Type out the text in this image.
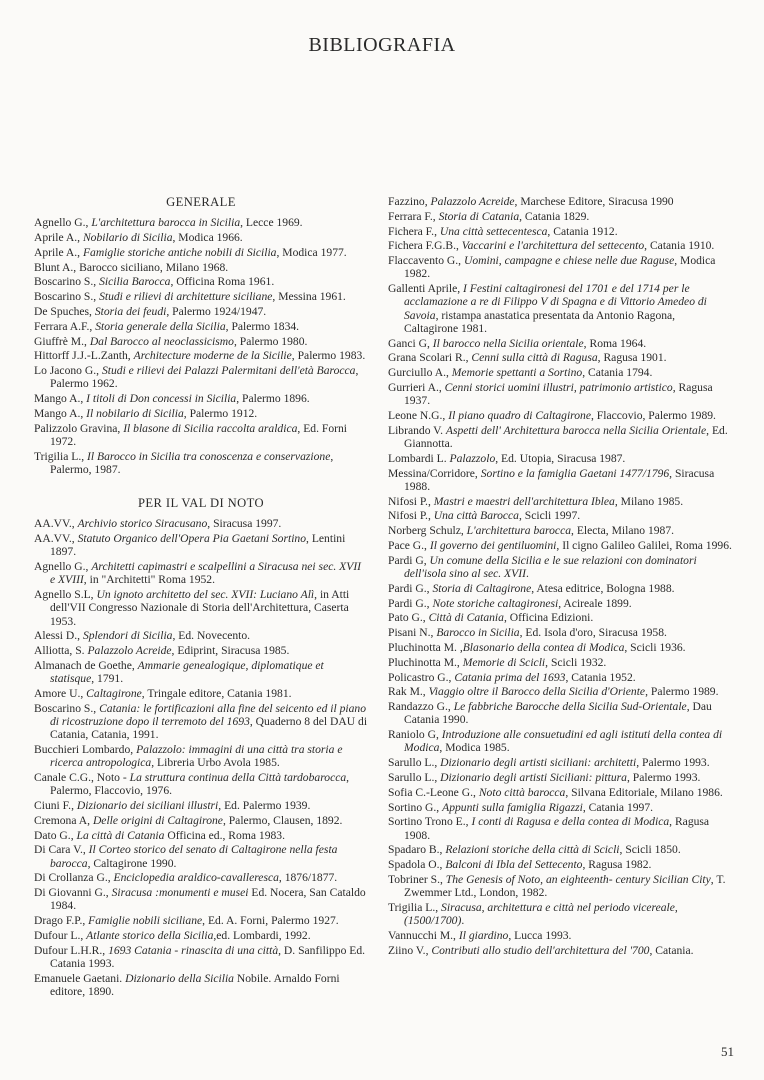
BIBLIOGRAFIA
GENERALE
Agnello G., L'architettura barocca in Sicilia, Lecce 1969.
Aprile A., Nobilario di Sicilia, Modica 1966.
Aprile A., Famiglie storiche antiche nobili di Sicilia, Modica 1977.
Blunt A., Barocco siciliano, Milano 1968.
Boscarino S., Sicilia Barocca, Officina Roma 1961.
Boscarino S., Studi e rilievi di architetture siciliane, Messina 1961.
De Spuches, Storia dei feudi, Palermo 1924/1947.
Ferrara A.F., Storia generale della Sicilia, Palermo 1834.
Giuffrè M., Dal Barocco al neoclassicismo, Palermo 1980.
Hittorff J.J.-L.Zanth, Architecture moderne de la Sicilie, Palermo 1983.
Lo Jacono G., Studi e rilievi dei Palazzi Palermitani dell'età Barocca, Palermo 1962.
Mango A., I titoli di Don concessi in Sicilia, Palermo 1896.
Mango A., Il nobilario di Sicilia, Palermo 1912.
Palizzolo Gravina, Il blasone di Sicilia raccolta araldica, Ed. Forni 1972.
Trigilia L., Il Barocco in Sicilia tra conoscenza e conservazione, Palermo, 1987.
PER IL VAL DI NOTO
AA.VV., Archivio storico Siracusano, Siracusa 1997.
AA.VV., Statuto Organico dell'Opera Pia Gaetani Sortino, Lentini 1897.
Agnello G., Architetti capimastri e scalpellini a Siracusa nei sec. XVII e XVIII, in "Architetti" Roma 1952.
Agnello S.L, Un ignoto architetto del sec. XVII: Luciano Alì, in Atti dell'VII Congresso Nazionale di Storia dell'Architettura, Caserta 1953.
Alessi D., Splendori di Sicilia, Ed. Novecento.
Alliotta, S. Palazzolo Acreide, Ediprint, Siracusa 1985.
Almanach de Goethe, Ammarie genealogique, diplomatique et statisque, 1791.
Amore U., Caltagirone, Tringale editore, Catania 1981.
Boscarino S., Catania: le fortificazioni alla fine del seicento ed il piano di ricostruzione dopo il terremoto del 1693, Quaderno 8 del DAU di Catania, Catania, 1991.
Bucchieri Lombardo, Palazzolo: immagini di una città tra storia e ricerca antropologica, Libreria Urbo Avola 1985.
Canale C.G., Noto - La struttura continua della Città tardobarocca, Palermo, Flaccovio, 1976.
Ciuni F., Dizionario dei siciliani illustri, Ed. Palermo 1939.
Cremona A, Delle origini di Caltagirone, Palermo, Clausen, 1892.
Dato G., La città di Catania Officina ed., Roma 1983.
Di Cara V., Il Corteo storico del senato di Caltagirone nella festa barocca, Caltagirone 1990.
Di Crollanza G., Enciclopedia araldico-cavalleresca, 1876/1877.
Di Giovanni G., Siracusa :monumenti e musei Ed. Nocera, San Cataldo 1984.
Drago F.P., Famiglie nobili siciliane, Ed. A. Forni, Palermo 1927.
Dufour L., Atlante storico della Sicilia,ed. Lombardi, 1992.
Dufour L.H.R., 1693 Catania - rinascita di una città, D. Sanfilippo Ed. Catania 1993.
Emanuele Gaetani. Dizionario della Sicilia Nobile. Arnaldo Forni editore, 1890.
Fazzino, Palazzolo Acreide, Marchese Editore, Siracusa 1990
Ferrara F., Storia di Catania, Catania 1829.
Fichera F., Una città settecentesca, Catania 1912.
Fichera F.G.B., Vaccarini e l'architettura del settecento, Catania 1910.
Flaccavento G., Uomini, campagne e chiese nelle due Raguse, Modica 1982.
Gallenti Aprile, I Festini caltagironesi del 1701 e del 1714 per le acclamazione a re di Filippo V di Spagna e di Vittorio Amedeo di Savoia, ristampa anastatica presentata da Antonio Ragona, Caltagirone 1981.
Ganci G, Il barocco nella Sicilia orientale, Roma 1964.
Grana Scolari R., Cenni sulla città di Ragusa, Ragusa 1901.
Gurciullo A., Memorie spettanti a Sortino, Catania 1794.
Gurrieri A., Cenni storici uomini illustri, patrimonio artistico, Ragusa 1937.
Leone N.G., Il piano quadro di Caltagirone, Flaccovio, Palermo 1989.
Librando V. Aspetti dell' Architettura barocca nella Sicilia Orientale, Ed. Giannotta.
Lombardi L. Palazzolo, Ed. Utopia, Siracusa 1987.
Messina/Corridore, Sortino e la famiglia Gaetani 1477/1796, Siracusa 1988.
Nifosi P., Mastri e maestri dell'architettura Iblea, Milano 1985.
Nifosi P., Una città Barocca, Scicli 1997.
Norberg Schulz, L'architettura barocca, Electa, Milano 1987.
Pace G., Il governo dei gentiluomini, Il cigno Galileo Galilei, Roma 1996.
Pardi G, Un comune della Sicilia e le sue relazioni con dominatori dell'isola sino al sec. XVII.
Pardi G., Storia di Caltagirone, Atesa editrice, Bologna 1988.
Pardi G., Note storiche caltagironesi, Acireale 1899.
Pato G., Città di Catania, Officina Edizioni.
Pisani N., Barocco in Sicilia, Ed. Isola d'oro, Siracusa 1958.
Pluchinotta M. ,Blasonario della contea di Modica, Scicli 1936.
Pluchinotta M., Memorie di Scicli, Scicli 1932.
Policastro G., Catania prima del 1693, Catania 1952.
Rak M., Viaggio oltre il Barocco della Sicilia d'Oriente, Palermo 1989.
Randazzo G., Le fabbriche Barocche della Sicilia Sud-Orientale, Dau Catania 1990.
Raniolo G, Introduzione alle consuetudini ed agli istituti della contea di Modica, Modica 1985.
Sarullo L., Dizionario degli artisti siciliani: architetti, Palermo 1993.
Sarullo L., Dizionario degli artisti Siciliani: pittura, Palermo 1993.
Sofia C.-Leone G., Noto città barocca, Silvana Editoriale, Milano 1986.
Sortino G., Appunti sulla famiglia Rigazzi, Catania 1997.
Sortino Trono E., I conti di Ragusa e della contea di Modica, Ragusa 1908.
Spadaro B., Relazioni storiche della città di Scicli, Scicli 1850.
Spadola O., Balconi di Ibla del Settecento, Ragusa 1982.
Tobriner S., The Genesis of Noto, an eighteenth- century Sicilian City, T. Zwemmer Ltd., London, 1982.
Trigilia L., Siracusa, architettura e città nel periodo vicereale, (1500/1700).
Vannucchi M., Il giardino, Lucca 1993.
Ziino V., Contributi allo studio dell'architettura del '700, Catania.
51
